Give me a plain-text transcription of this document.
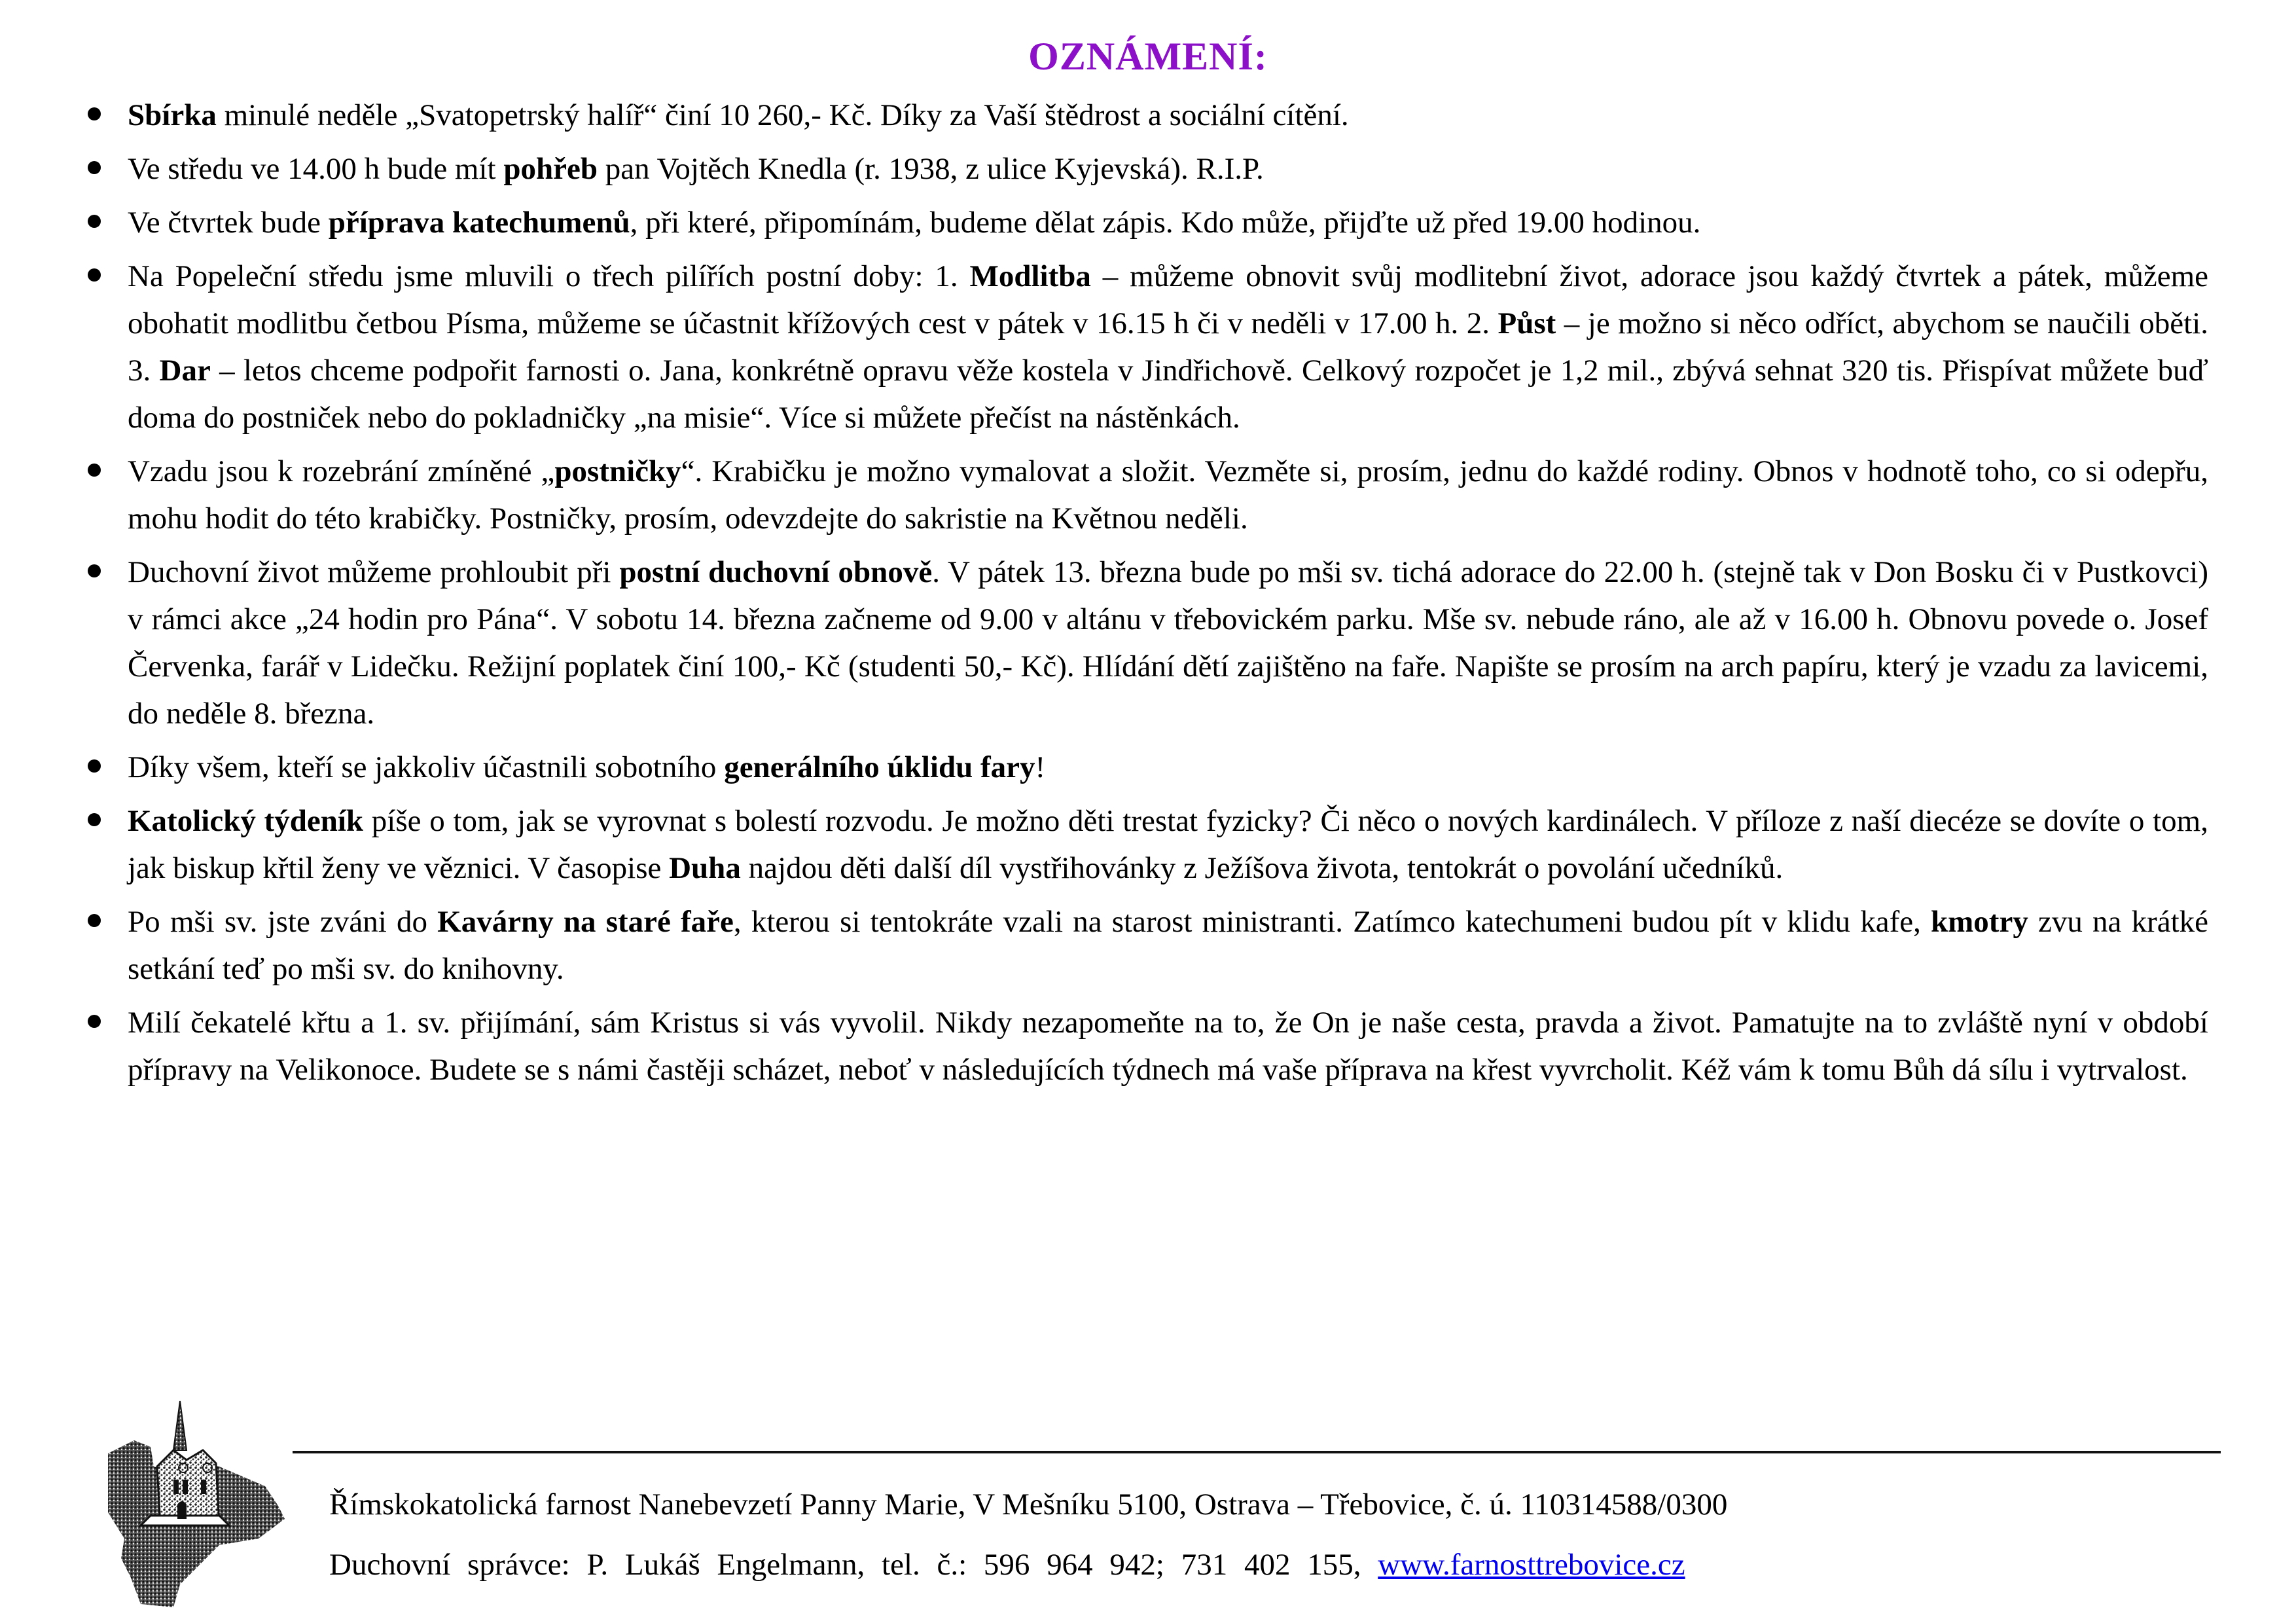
OZNÁMENÍ:
Sbírka minulé neděle „Svatopetrský halíř“ činí 10 260,- Kč. Díky za Vaší štědrost a sociální cítění.
Ve středu ve 14.00 h bude mít pohřeb pan Vojtěch Knedla (r. 1938, z ulice Kyjevská). R.I.P.
Ve čtvrtek bude příprava katechumenů, při které, připomínám, budeme dělat zápis. Kdo může, přijďte už před 19.00 hodinou.
Na Popeleční středu jsme mluvili o třech pilířích postní doby: 1. Modlitba – můžeme obnovit svůj modlitební život, adorace jsou každý čtvrtek a pátek, můžeme obohatit modlitbu četbou Písma, můžeme se účastnit křížových cest v pátek v 16.15 h či v neděli v 17.00 h. 2. Půst – je možno si něco odříct, abychom se naučili oběti. 3. Dar – letos chceme podpořit farnosti o. Jana, konkrétně opravu věže kostela v Jindřichově. Celkový rozpočet je 1,2 mil., zbývá sehnat 320 tis. Přispívat můžete buď doma do postniček nebo do pokladničky „na misie“. Více si můžete přečíst na nástěnkách.
Vzadu jsou k rozebrání zmíněné „postničky“. Krabičku je možno vymalovat a složit. Vezměte si, prosím, jednu do každé rodiny. Obnos v hodnotě toho, co si odepřu, mohu hodit do této krabičky. Postničky, prosím, odevzdejte do sakristie na Květnou neděli.
Duchovní život můžeme prohloubit při postní duchovní obnově. V pátek 13. března bude po mši sv. tichá adorace do 22.00 h. (stejně tak v Don Bosku či v Pustkovci) v rámci akce „24 hodin pro Pána“. V sobotu 14. března začneme od 9.00 v altánu v třebovickém parku. Mše sv. nebude ráno, ale až v 16.00 h. Obnovu povede o. Josef Červenka, farář v Lidečku. Režijní poplatek činí 100,- Kč (studenti 50,- Kč). Hlídání dětí zajištěno na faře. Napište se prosím na arch papíru, který je vzadu za lavicemi, do neděle 8. března.
Díky všem, kteří se jakkoliv účastnili sobotního generálního úklidu fary!
Katolický týdeník píše o tom, jak se vyrovnat s bolestí rozvodu. Je možno děti trestat fyzicky? Či něco o nových kardinálech. V příloze z naší diecéze se dovíte o tom, jak biskup křtil ženy ve věznici. V časopise Duha najdou děti další díl vystřihovánky z Ježíšova života, tentokrát o povolání učedníků.
Po mši sv. jste zváni do Kavárny na staré faře, kterou si tentokráte vzali na starost ministranti. Zatímco katechumeni budou pít v klidu kafe, kmotry zvu na krátké setkání teď po mši sv. do knihovny.
Milí čekatelé křtu a 1. sv. přijímání, sám Kristus si vás vyvolil. Nikdy nezapomeňte na to, že On je naše cesta, pravda a život. Pamatujte na to zvláště nyní v období přípravy na Velikonoce. Budete se s námi častěji scházet, neboť v následujících týdnech má vaše příprava na křest vyvrcholit. Kéž vám k tomu Bůh dá sílu i vytrvalost.
Římskokatolická farnost Nanebevzetí Panny Marie, V Mešníku 5100, Ostrava – Třebovice, č. ú. 110314588/0300
Duchovní správce: P. Lukáš Engelmann, tel. č.: 596 964 942; 731 402 155, www.farnosttrebovice.cz
